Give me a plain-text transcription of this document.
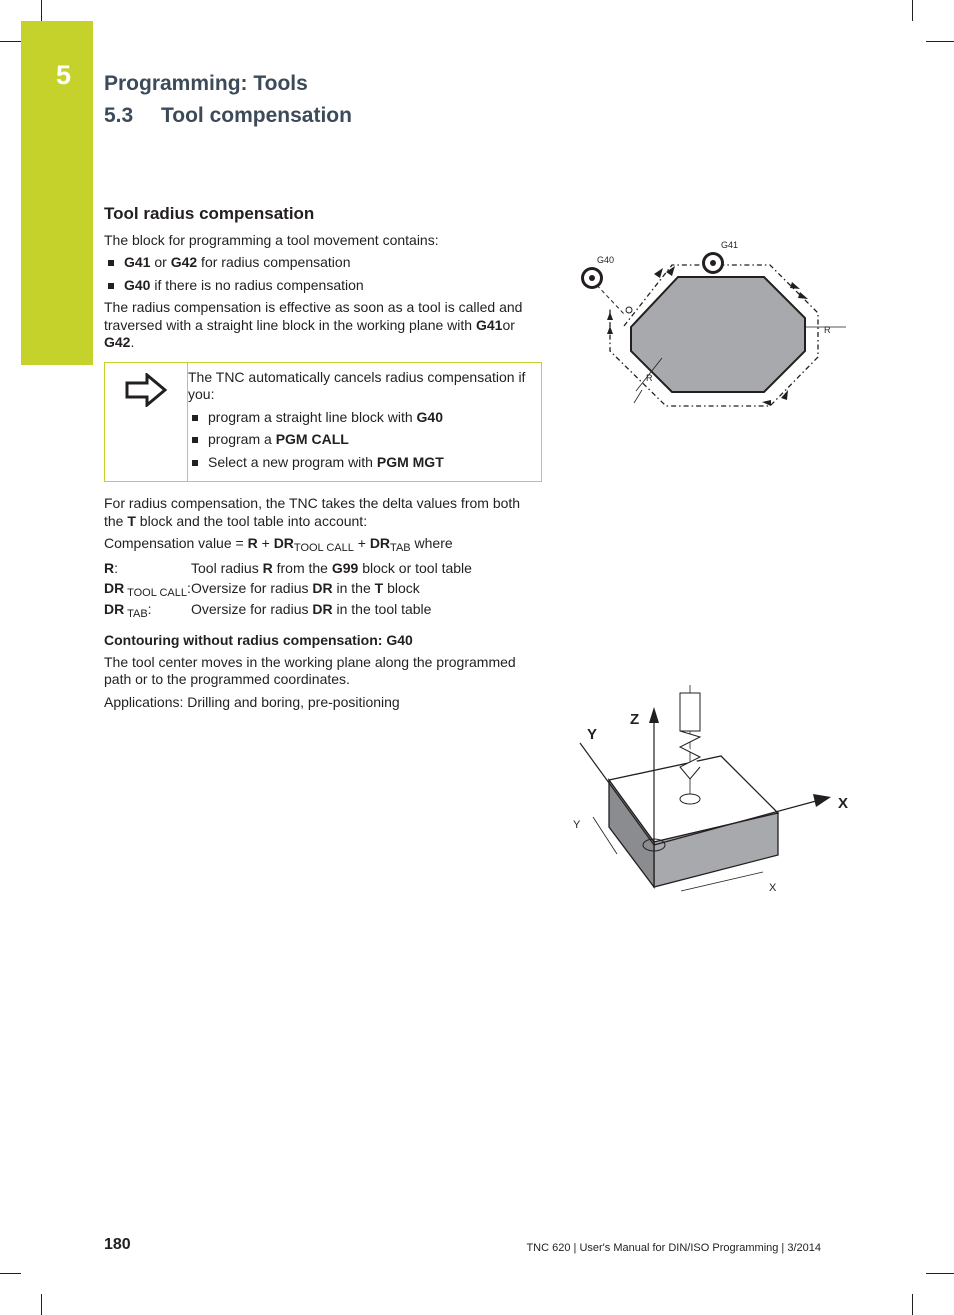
5 Programming: Tools
5.3 Tool compensation
Tool radius compensation

The block for programming a tool movement contains:

G41 or G42 for radius compensation
G40 if there is no radius compensation

The radius compensation is effective as soon as a tool is called and traversed with a straight line block in the working plane with G41or G42.

The TNC automatically cancels radius compensation if you:

program a straight line block with G40
program a PGM CALL
Select a new program with PGM MGT

For radius compensation, the TNC takes the delta values from both the T block and the tool table into account:

Compensation value = $R + DR_{TOOL CALL} + DR_{TAB}$ where

R:	Tool radius R from the G99 block or tool table
DR $_{TOOL CALL}$: Oversize for radius DR in the T block
DR $_{TAB}$:	Oversize for radius DR in the tool table
Contouring without radius compensation: G40

The tool center moves in the working plane along the programmed path or to the programmed coordinates.

Applications: Drilling and boring, pre-positioning

G40
G41
R
R
Z
Y
X
Y
X
180	TNC 620 | User's Manual for DIN/ISO Programming | 3/2014
